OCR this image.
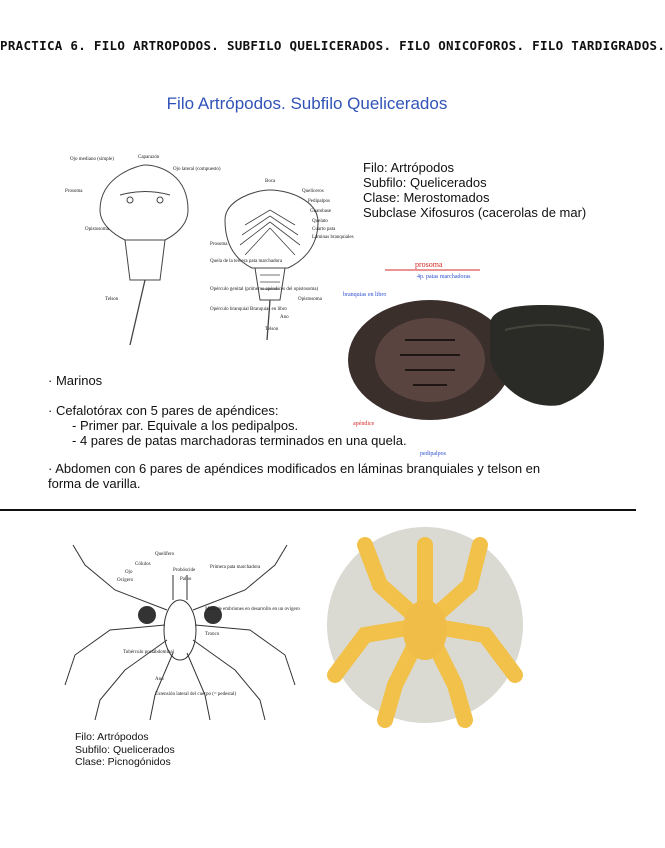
PRACTICA 6. FILO ARTROPODOS. SUBFILO QUELICERADOS. FILO ONICOFOROS. FILO TARDIGRADOS.
Filo Artrópodos. Subfilo Quelicerados
Ojo mediano (simple)	Caparazón
Ojo lateral (compuesto)
Prosoma
Opistosoma
Telson
Boca
Quelíceros
Pedipalpos
Gnatobase
Quelato
Cuarto pata
Láminas branquiales
Prosoma
Quela de la tercera pata marchadora
Opérculo genital (primeros apéndices del opistosoma)
Opérculo branquial Branquias en libro
Ano
Opistosoma
Telson
Filo: Artrópodos
Subfilo: Quelicerados
Clase: Merostomados
Subclase Xifosuros (cacerolas de mar)
prosoma
4p. patas marchadoras
branquias en libro
apéndice
pedipalpos
· Marinos
· Cefalotórax con 5 pares de apéndices:
- Primer par. Equivale a los pedipalpos.
- 4 pares de patas marchadoras terminados en una quela.
· Abdomen con 6 pares de apéndices modificados en láminas branquiales y telson en
forma de varilla.
Quelífero
Cólulos
Ojo
Ocígero
Probóscide
Palpo
Primera pata marchadora
Masa de embriones en desarrollo en un ovígero
Tronco
Tubérculo postabdominal
Ano
Extensión lateral del cuerpo (= pedestal)
Filo: Artrópodos
Subfilo: Quelicerados
Clase: Picnogónidos
